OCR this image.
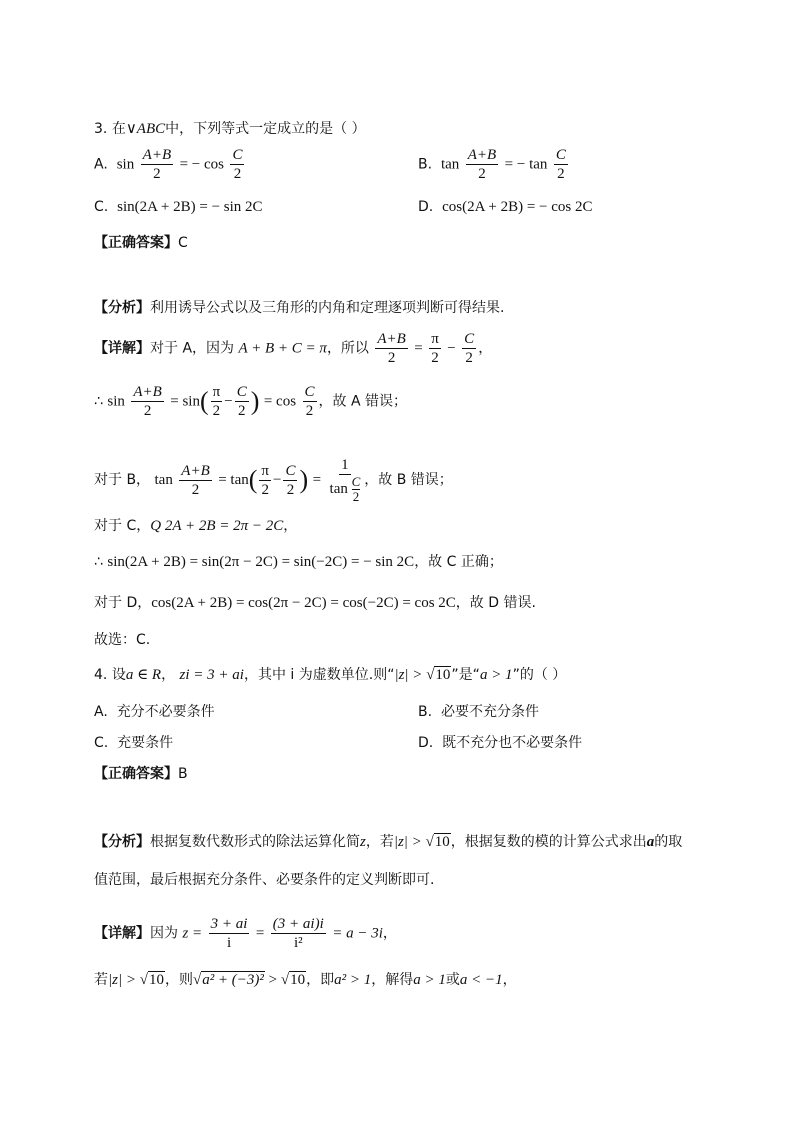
3. 在∨ABC中，下列等式一定成立的是（ ）
A. $\sin \frac{A+B}{2}$ = − $\cos \frac{C}{2}$	B. $\tan \frac{A+B}{2}$ = − $\tan \frac{C}{2}$
C. sin(2A + 2B) = − sin 2C	D. cos(2A + 2B) = − cos 2C
【正确答案】C
【分析】利用诱导公式以及三角形的内角和定理逐项判断可得结果.
【详解】对于 A，因为 A + B + C = π，所以 $\frac{A+B}{2} = \frac{\pi}{2} - \frac{C}{2}$ ，
∴ $\sin \frac{A+B}{2} = \sin( \frac{\pi}{2} - \frac{C}{2}$ ) = $\cos \frac{C}{2}$ ，故 A 错误；
对于 B， $\tan \frac{A+B}{2} = \tan( \frac{\pi}{2} - \frac{C}{2}$ ) = $\frac{1}{\tan \frac{C}{2}}$ ，故 B 错误；
对于 C，Q 2A + 2B = 2π − 2C，
∴ sin(2A + 2B) = sin(2π − 2C) = sin(−2C) = − sin 2C，故 C 正确；
对于 D，cos(2A + 2B) = cos(2π − 2C) = cos(−2C) = cos 2C，故 D 错误.
故选：C.
4. 设a ∈ R， zi = 3 + ai，其中 i 为虚数单位.则“|z| > √10”是“a > 1”的（ ）
A. 充分不必要条件	B. 必要不充分条件
C. 充要条件	D. 既不充分也不必要条件
【正确答案】B
【分析】根据复数代数形式的除法运算化简z，若|z| > √10，根据复数的模的计算公式求出a的取
值范围，最后根据充分条件、必要条件的定义判断即可.
【详解】因为 $z = \frac{3 + ai}{i} = \frac{(3 + ai)i}{\text{i²}} = a - 3i$，
若|z| > √10，则√a² + (−3)² > √10，即a² > 1，解得a > 1或a < −1，
